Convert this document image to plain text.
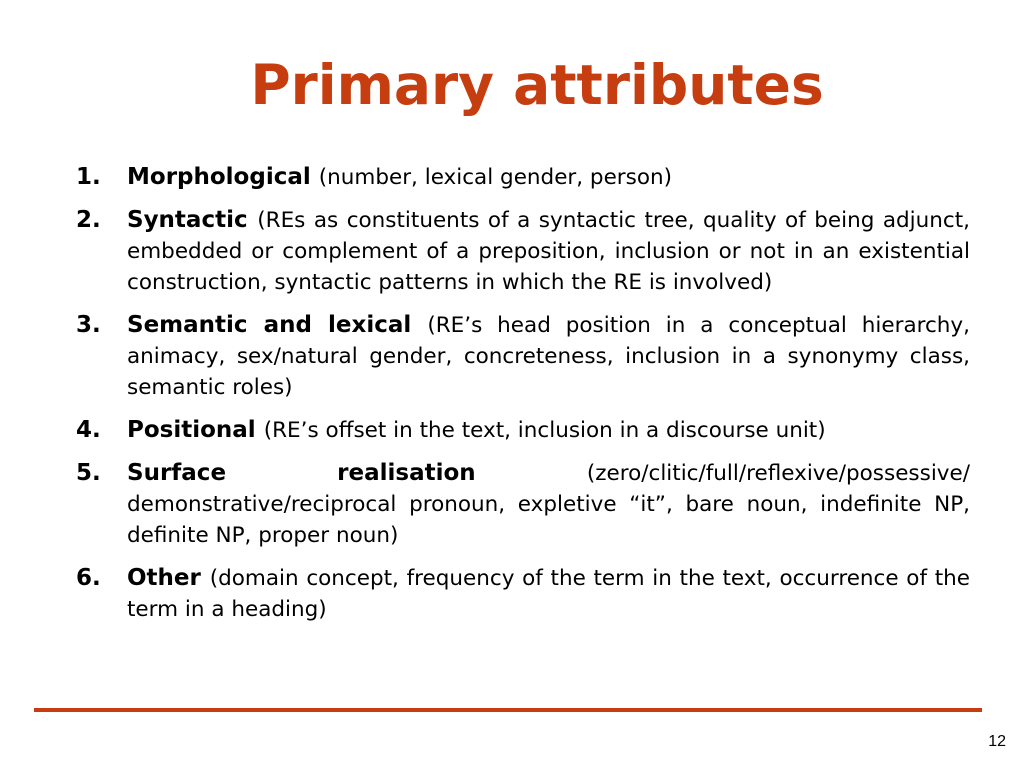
Primary attributes
1. Morphological (number, lexical gender, person)
2. Syntactic (REs as constituents of a syntactic tree, quality of being adjunct, embedded or complement of a preposition, inclusion or not in an existential construction, syntactic patterns in which the RE is involved)
3. Semantic and lexical (RE’s head position in a conceptual hierarchy, animacy, sex/natural gender, concreteness, inclusion in a synonymy class, semantic roles)
4. Positional (RE’s offset in the text, inclusion in a discourse unit)
5. Surface realisation (zero/clitic/full/reflexive/possessive/ demonstrative/reciprocal pronoun, expletive “it”, bare noun, indefinite NP, definite NP, proper noun)
6. Other (domain concept, frequency of the term in the text, occurrence of the term in a heading)
12
